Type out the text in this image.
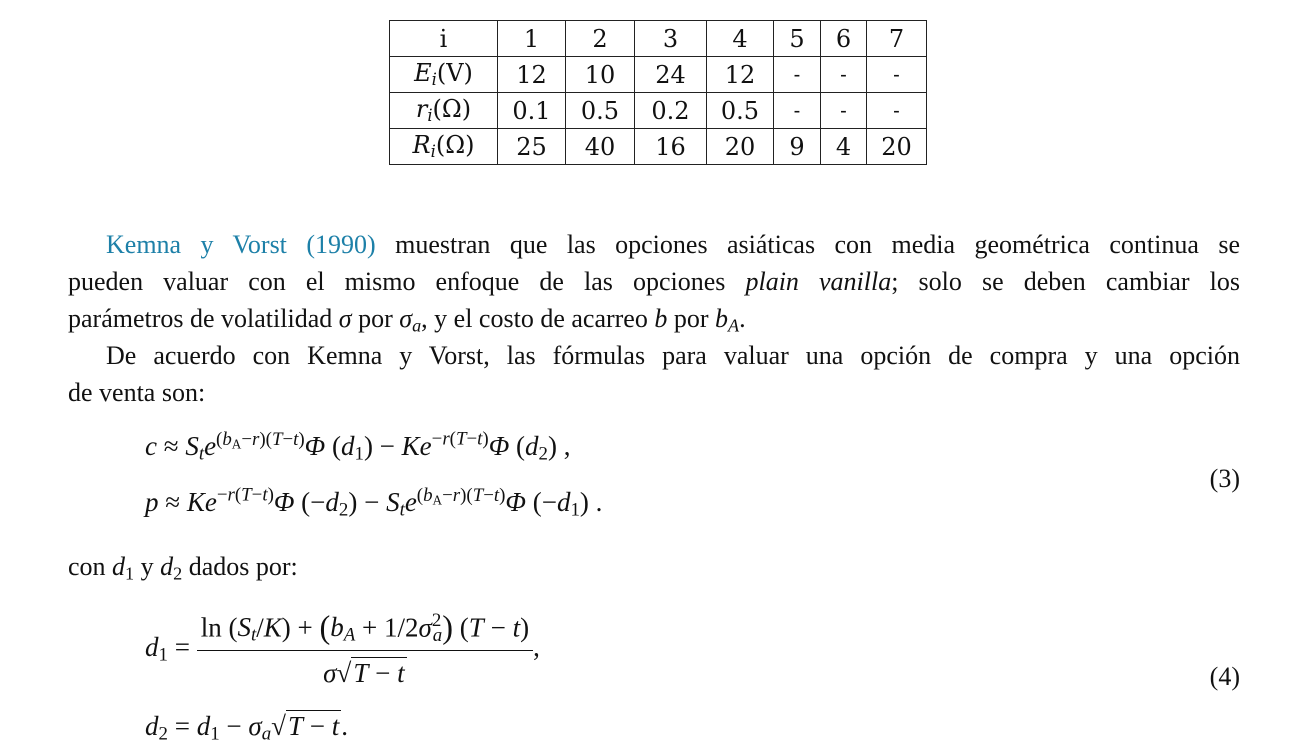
i	1	2	3	4	5	6	7
$E_i(V)$	12	10	24	12	-	-	-
$r_i(\Omega)$	0.1	0.5	0.2	0.5	-	-	-
$R_i(\Omega)$	25	40	16	20	9	4	20
Kemna y Vorst (1990) muestran que las opciones asiáticas con media geométrica continua se
pueden valuar con el mismo enfoque de las opciones plain vanilla; solo se deben cambiar los
parámetros de volatilidad σ por $\sigma_a$, y el costo de acarreo b por $b_A$.
De acuerdo con Kemna y Vorst, las fórmulas para valuar una opción de compra y una opción
de venta son:
$c \approx S_te^{(b_A-r)(T-t)}\Phi$ $(d_1) - Ke^{-r(T-t)}\Phi$ $(d_2)$ ,
$p \approx Ke^{-r(T-t)}\Phi$ $(-d_2) - S_te^{(b_A-r)(T-t)}\Phi$ $(-d_1)$ .
(3)
con $d_1$ y $d_2$ dados por:
$d_1 = \frac{\ln (S_t/K) + (b_A + 1/2\sigma^2_a) (T - t)}{\sigma√T - t}$ ,
(4)
$d_2 = d_1 - \sigma_a√T - t$.
